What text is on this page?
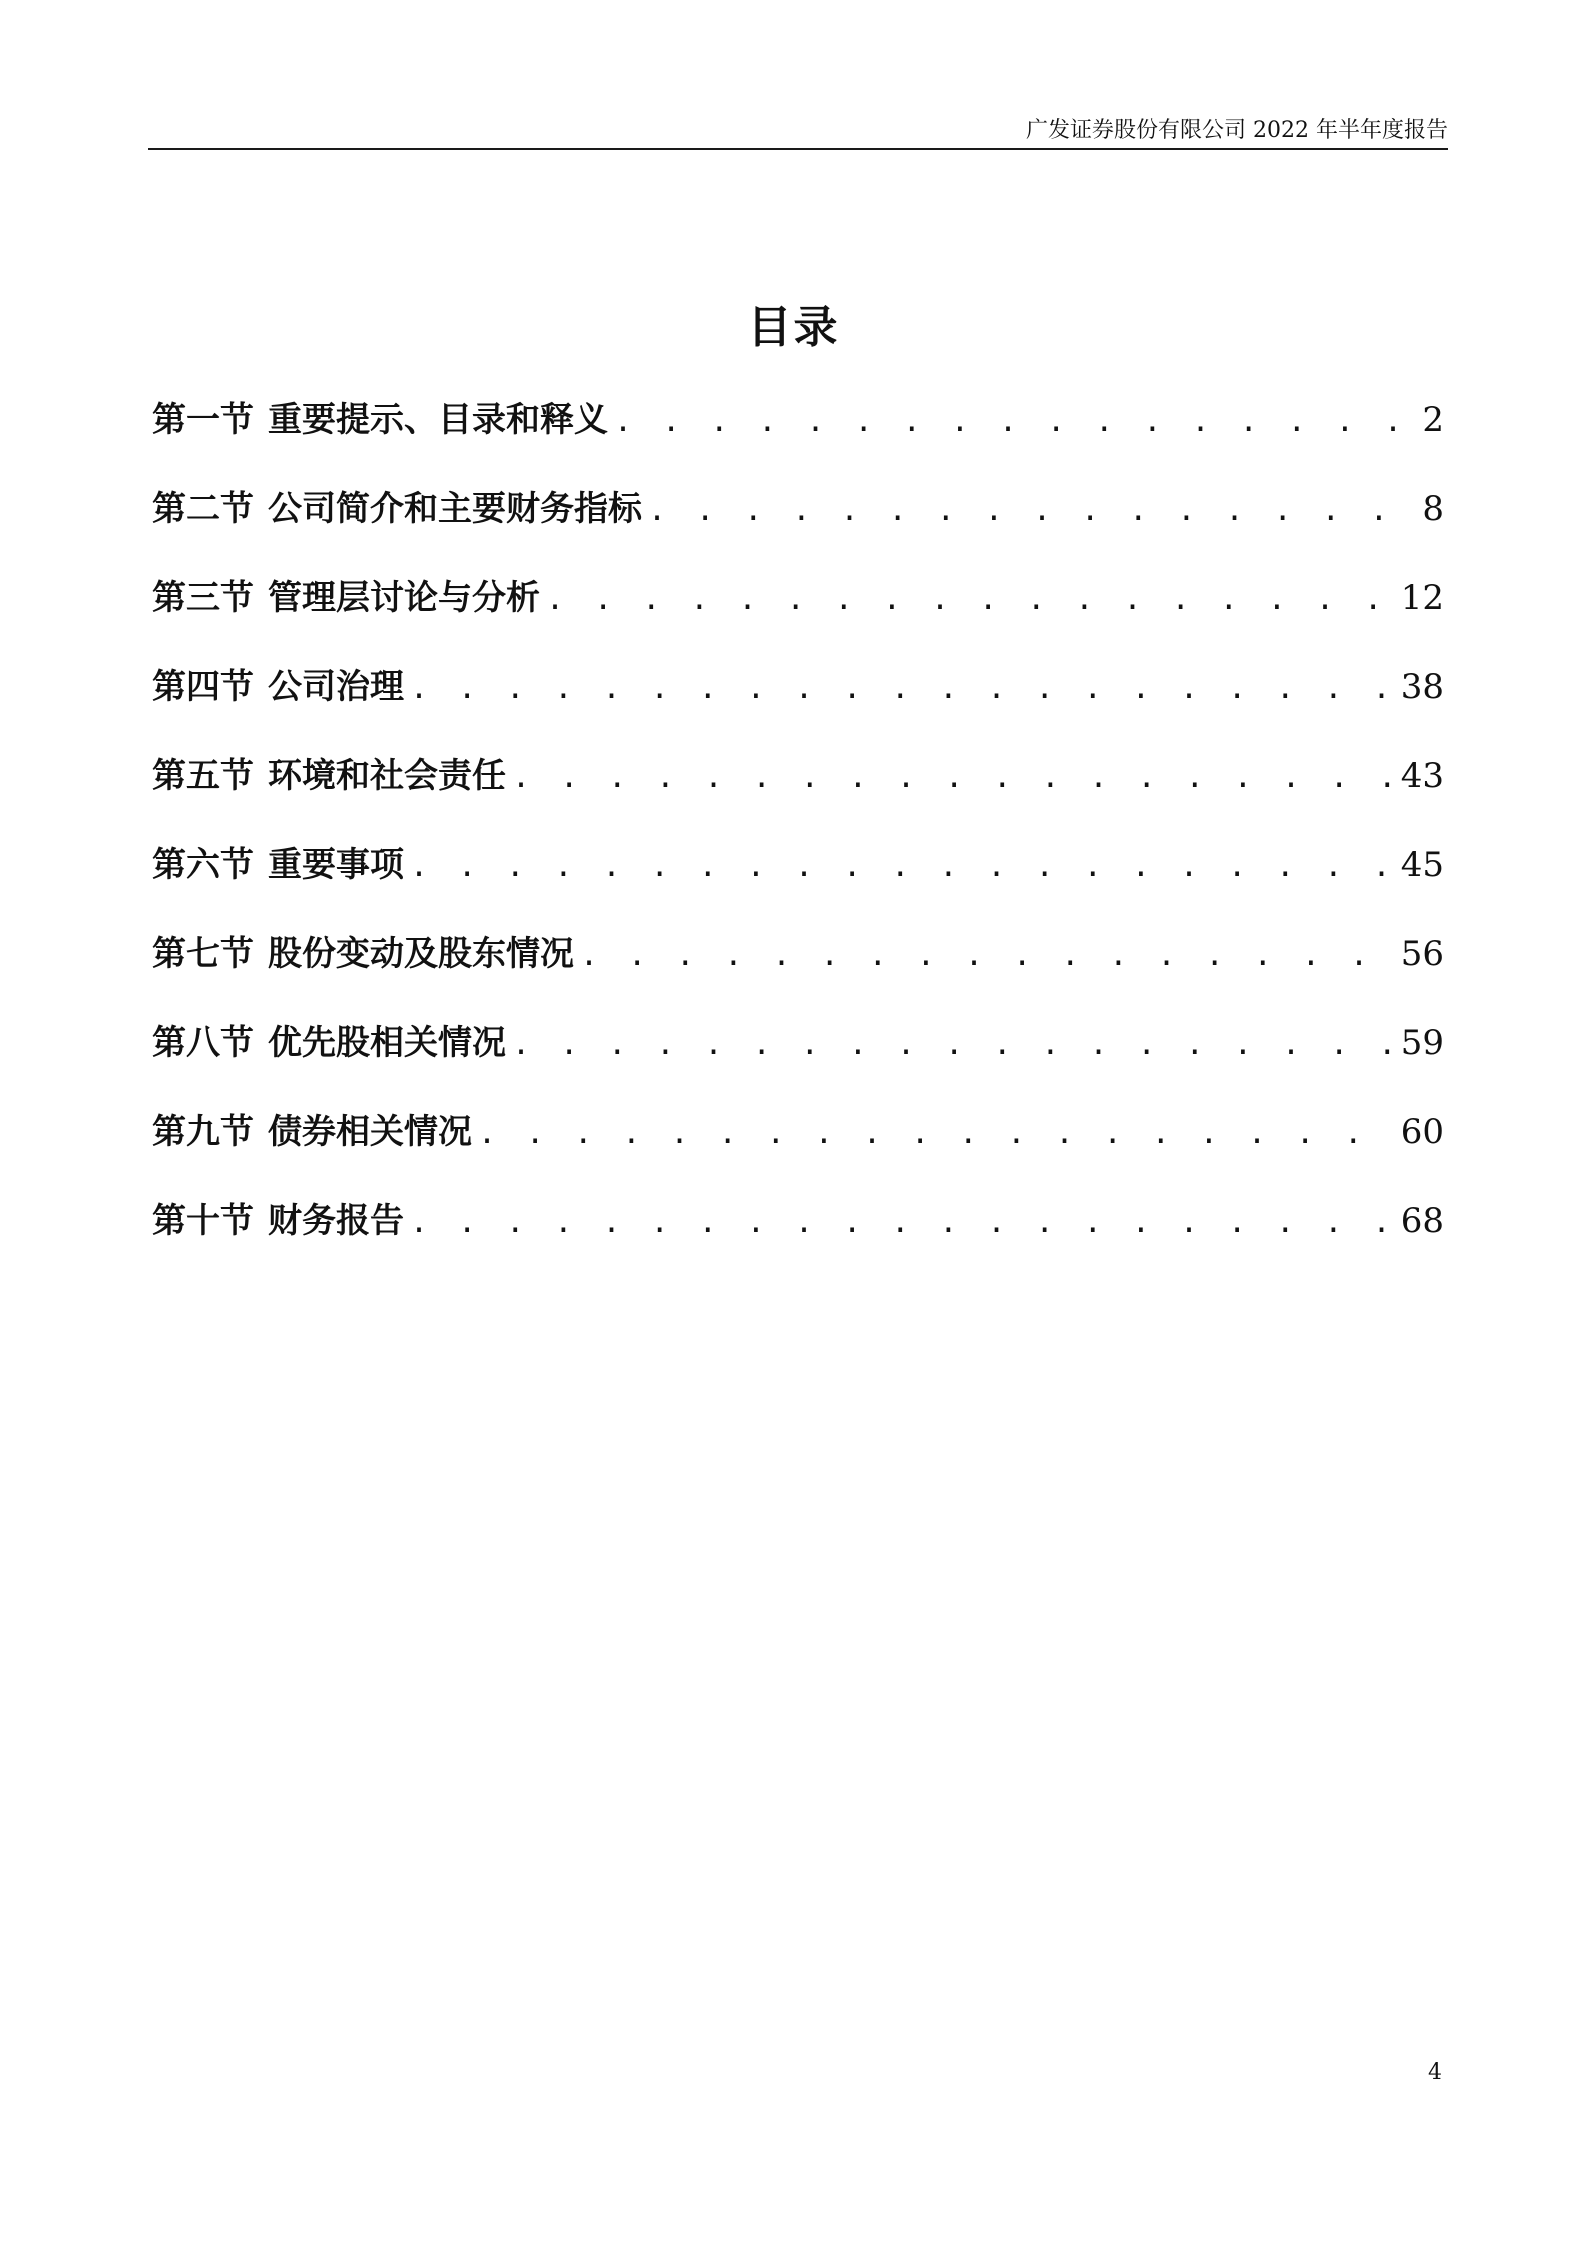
广发证券股份有限公司 2022 年半年度报告
目录
第一节 重要提示、目录和释义 . . .	2
第二节 公司简介和主要财务指标 . . .	8
第三节 管理层讨论与分析 . . .	12
第四节 公司治理 . . .	38
第五节 环境和社会责任 . . .	43
第六节 重要事项 . . .	45
第七节 股份变动及股东情况 . . .	56
第八节 优先股相关情况 . . .	59
第九节 债券相关情况 . . .	60
第十节 财务报告 . . .	68
4
